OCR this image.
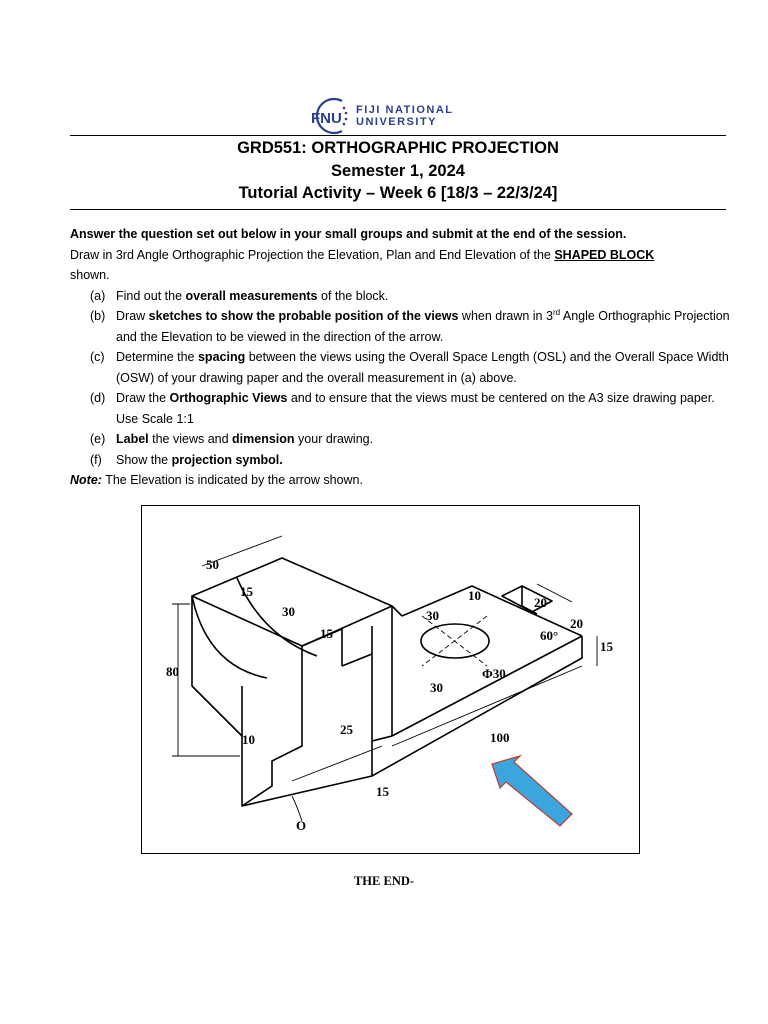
FNU FIJI NATIONAL
UNIVERSITY
GRD551: ORTHOGRAPHIC PROJECTION
Semester 1, 2024
Tutorial Activity – Week 6 [18/3 – 22/3/24]

Answer the question set out below in your small groups and submit at the end of the session.

Draw in 3rd Angle Orthographic Projection the Elevation, Plan and End Elevation of the SHAPED BLOCK
shown.

(a) Find out the overall measurements of the block.
(b) Draw sketches to show the probable position of the views when drawn in 3rd Angle Orthographic Projection and the Elevation to be viewed in the direction of the arrow.
(c) Determine the spacing between the views using the Overall Space Length (OSL) and the Overall Space Width (OSW) of your drawing paper and the overall measurement in (a) above.
(d) Draw the Orthographic Views and to ensure that the views must be centered on the A3 size drawing paper. Use Scale 1:1
(e) Label the views and dimension your drawing.
(f) Show the projection symbol.

Note: The Elevation is indicated by the arrow shown.

50
15
30
15
80
25
10
15
O
100
30
10	20
20
60°
15
Φ30
30
THE END-
